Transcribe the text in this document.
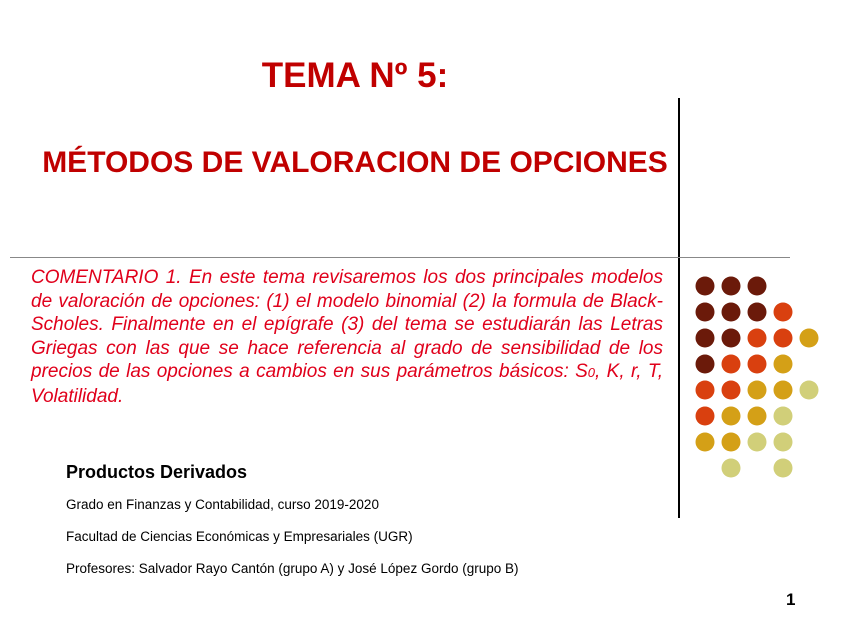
TEMA Nº 5:
MÉTODOS DE VALORACION DE OPCIONES

COMENTARIO 1. En este tema revisaremos los dos principales modelos de valoración de opciones: (1) el modelo binomial (2) la formula de Black-Scholes. Finalmente en el epígrafe (3) del tema se estudiarán las Letras Griegas con las que se hace referencia al grado de sensibilidad de los precios de las opciones a cambios en sus parámetros básicos: S0, K, r, T, Volatilidad.

Productos Derivados

Grado en Finanzas y Contabilidad, curso 2019-2020

Facultad de Ciencias Económicas y Empresariales (UGR)

Profesores: Salvador Rayo Cantón (grupo A) y José López Gordo (grupo B)

1
